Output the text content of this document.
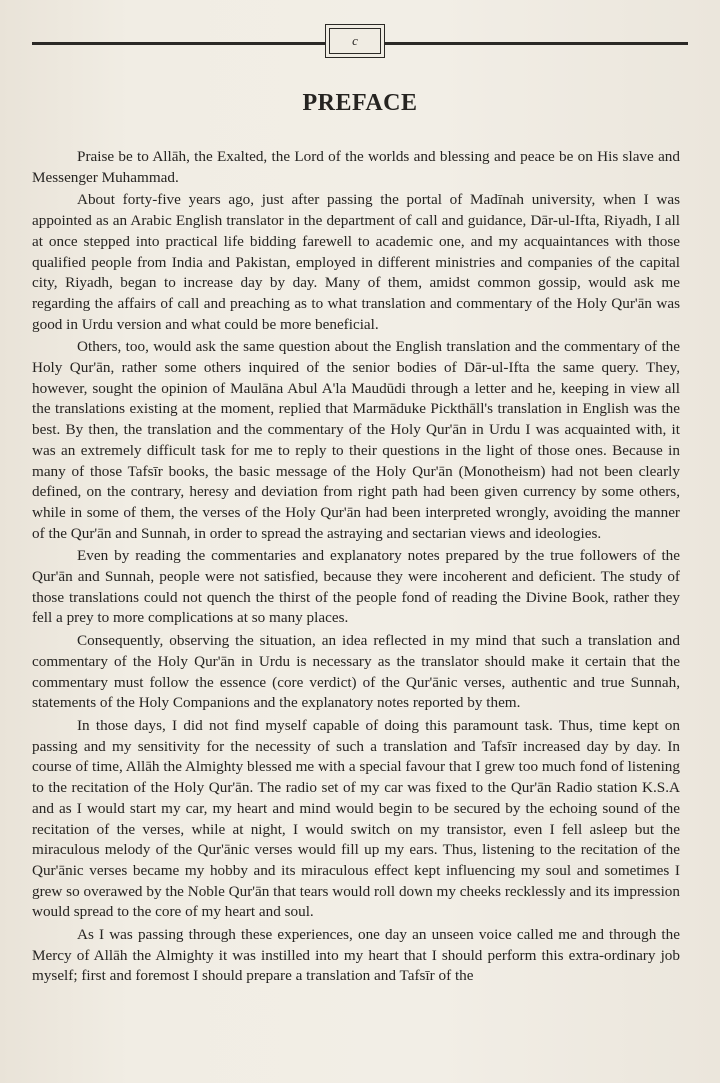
c
PREFACE

Praise be to Allāh, the Exalted, the Lord of the worlds and blessing and peace be on His slave and Messenger Muhammad.

About forty-five years ago, just after passing the portal of Madīnah university, when I was appointed as an Arabic English translator in the department of call and guidance, Dār-ul-Ifta, Riyadh, I all at once stepped into practical life bidding farewell to academic one, and my acquaintances with those qualified people from India and Pakistan, employed in different ministries and companies of the capital city, Riyadh, began to increase day by day. Many of them, amidst common gossip, would ask me regarding the affairs of call and preaching as to what translation and commentary of the Holy Qur'ān was good in Urdu version and what could be more beneficial.

Others, too, would ask the same question about the English translation and the commentary of the Holy Qur'ān, rather some others inquired of the senior bodies of Dār-ul-Ifta the same query. They, however, sought the opinion of Maulāna Abul A'la Maudūdi through a letter and he, keeping in view all the translations existing at the moment, replied that Marmāduke Pickthāll's translation in English was the best. By then, the translation and the commentary of the Holy Qur'ān in Urdu I was acquainted with, it was an extremely difficult task for me to reply to their questions in the light of those ones. Because in many of those Tafsīr books, the basic message of the Holy Qur'ān (Monotheism) had not been clearly defined, on the contrary, heresy and deviation from right path had been given currency by some others, while in some of them, the verses of the Holy Qur'ān had been interpreted wrongly, avoiding the manner of the Qur'ān and Sunnah, in order to spread the astraying and sectarian views and ideologies.

Even by reading the commentaries and explanatory notes prepared by the true followers of the Qur'ān and Sunnah, people were not satisfied, because they were incoherent and deficient. The study of those translations could not quench the thirst of the people fond of reading the Divine Book, rather they fell a prey to more complications at so many places.

Consequently, observing the situation, an idea reflected in my mind that such a translation and commentary of the Holy Qur'ān in Urdu is necessary as the translator should make it certain that the commentary must follow the essence (core verdict) of the Qur'ānic verses, authentic and true Sunnah, statements of the Holy Companions and the explanatory notes reported by them.

In those days, I did not find myself capable of doing this paramount task. Thus, time kept on passing and my sensitivity for the necessity of such a translation and Tafsīr increased day by day. In course of time, Allāh the Almighty blessed me with a special favour that I grew too much fond of listening to the recitation of the Holy Qur'ān. The radio set of my car was fixed to the Qur'ān Radio station K.S.A and as I would start my car, my heart and mind would begin to be secured by the echoing sound of the recitation of the verses, while at night, I would switch on my transistor, even I fell asleep but the miraculous melody of the Qur'ānic verses would fill up my ears. Thus, listening to the recitation of the Qur'ānic verses became my hobby and its miraculous effect kept influencing my soul and sometimes I grew so overawed by the Noble Qur'ān that tears would roll down my cheeks recklessly and its impression would spread to the core of my heart and soul.

As I was passing through these experiences, one day an unseen voice called me and through the Mercy of Allāh the Almighty it was instilled into my heart that I should perform this extra-ordinary job myself; first and foremost I should prepare a translation and Tafsīr of the
